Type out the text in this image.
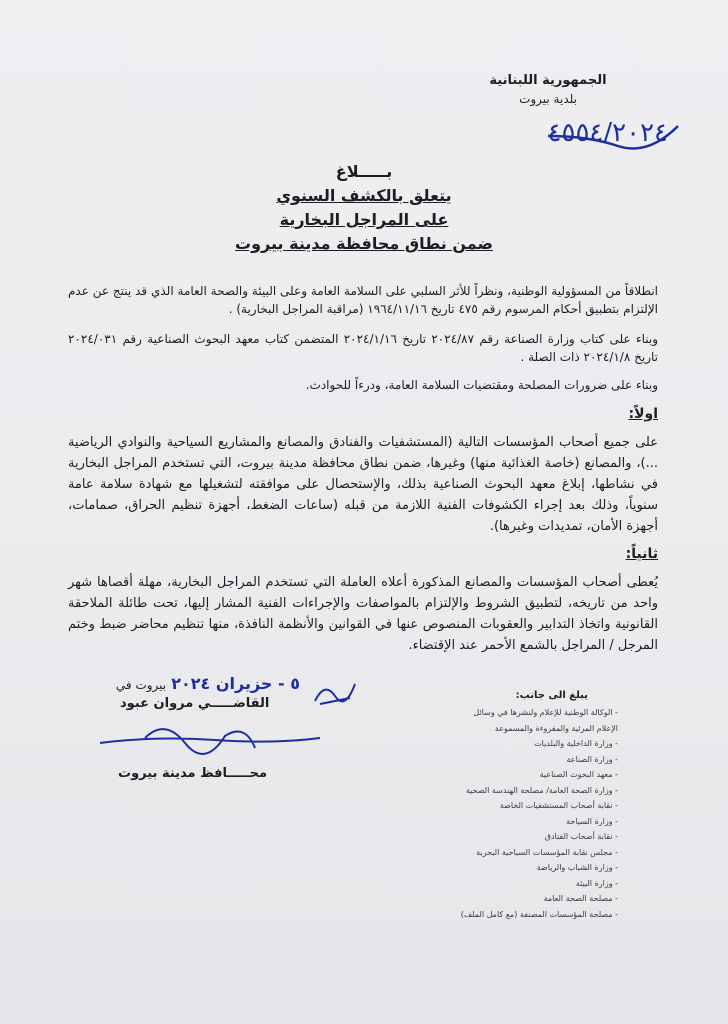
الجمهورية اللبنانية
بلدية بيروت
٤٥٥٤/٢٠٢٤
بـــــلاغ
يتعلق بالكشف السنوي
على المراجل البخارية
ضمن نطاق محافظة مدينة بيروت
انطلاقاً من المسؤولية الوطنية، ونظراً للأثر السلبي على السلامة العامة وعلى البيئة والصحة العامة الذي قد ينتج عن عدم الإلتزام بتطبيق أحكام المرسوم رقم ٤٧٥ تاريخ ١٩٦٤/١١/١٦ (مراقبة المراجل البخارية) .
وبناء على كتاب وزارة الصناعة رقم ٢٠٢٤/٨٧ تاريخ ٢٠٢٤/١/١٦ المتضمن كتاب معهد البحوث الصناعية رقم ٢٠٢٤/٠٣١ تاريخ ٢٠٢٤/١/٨ ذات الصلة .
وبناء على ضرورات المصلحة ومقتضيات السلامة العامة، ودرءاً للحوادث.
اولاً:
على جميع أصحاب المؤسسات التالية (المستشفيات والفنادق والمصانع والمشاريع السياحية والنوادي الرياضية ...)، والمصانع (خاصة الغذائية منها) وغيرها، ضمن نطاق محافظة مدينة بيروت، التي تستخدم المراجل البخارية في نشاطها، إبلاغ معهد البحوث الصناعية بذلك، والإستحصال على موافقته لتشغيلها مع شهادة سلامة عامة سنوياً، وذلك بعد إجراء الكشوفات الفنية اللازمة من قبله (ساعات الضغط، أجهزة تنظيم الحراق، صمامات، أجهزة الأمان، تمديدات وغيرها).
ثانياً:
يُعطى أصحاب المؤسسات والمصانع المذكورة أعلاه العاملة التي تستخدم المراجل البخارية، مهلة أقصاها شهر واحد من تاريخه، لتطبيق الشروط والإلتزام بالمواصفات والإجراءات الفنية المشار إليها، تحت طائلة الملاحقة القانونية واتخاذ التدابير والعقوبات المنصوص عنها في القوانين والأنظمة النافذة، منها تنظيم محاضر ضبط وختم المرجل / المراجل بالشمع الأحمر عند الإقتضاء.
٥ - حزيران ٢٠٢٤ بيروت في
القاضـــــي مروان عبود
محـــــافظ مدينة بيروت
يبلغ الى جانب:
- الوكالة الوطنية للإعلام ولنشرها في وسائل
الإعلام المرئية والمقروءة والمسموعة
- وزارة الداخلية والبلديات
- وزارة الصناعة
- معهد البحوث الصناعية
- وزارة الصحة العامة/ مصلحة الهندسة الصحية
- نقابة أصحاب المستشفيات الخاصة
- وزارة السياحة
- نقابة أصحاب الفنادق
- مجلس نقابة المؤسسات السياحية البحرية
- وزارة الشباب والرياضة
- وزارة البيئة
- مصلحة الصحة العامة
- مصلحة المؤسسات المصنفة (مع كامل الملف)
